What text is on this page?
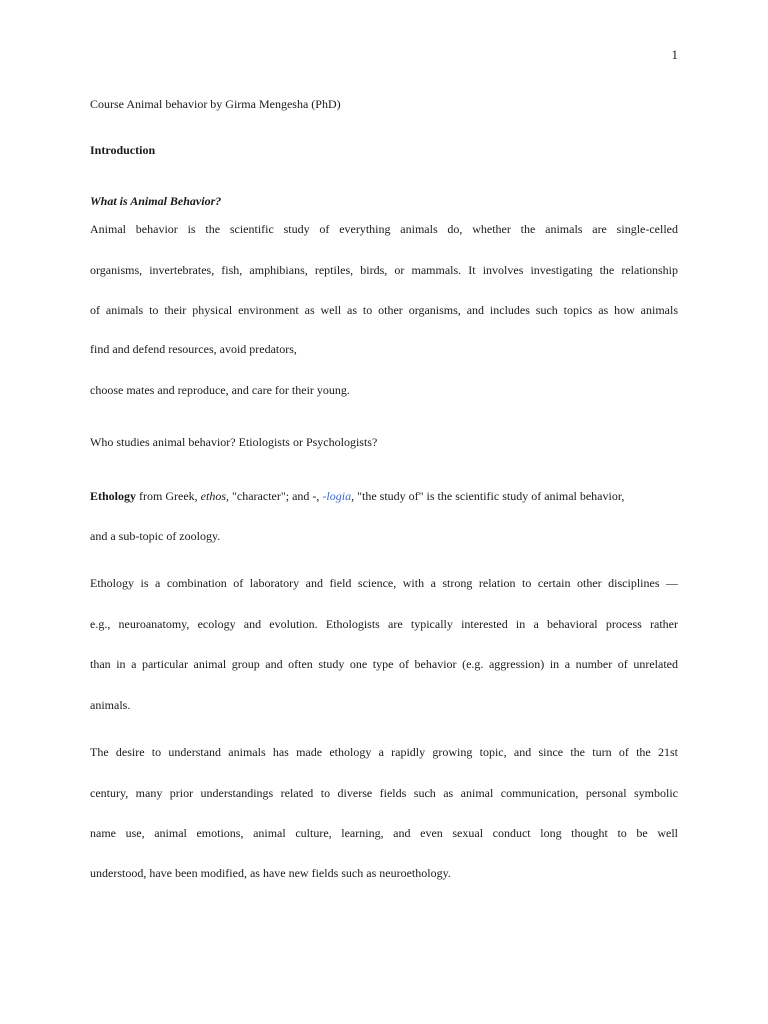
1
Course Animal behavior by Girma Mengesha (PhD)
Introduction
What is Animal Behavior?
Animal behavior is the scientific study of everything animals do, whether the animals are single-celled
organisms, invertebrates, fish, amphibians, reptiles, birds, or mammals. It involves investigating the relationship
of animals to their physical environment as well as to other organisms, and includes such topics as how animals
find and defend resources, avoid predators,
choose mates and reproduce, and care for their young.
Who studies animal behavior? Etiologists or Psychologists?
Ethology from Greek, ethos, "character"; and -, -logia, "the study of" is the scientific study of animal behavior,
and a sub-topic of zoology.
Ethology is a combination of laboratory and field science, with a strong relation to certain other disciplines —
e.g., neuroanatomy, ecology and evolution. Ethologists are typically interested in a behavioral process rather
than in a particular animal group and often study one type of behavior (e.g. aggression) in a number of unrelated
animals.
The desire to understand animals has made ethology a rapidly growing topic, and since the turn of the 21st
century, many prior understandings related to diverse fields such as animal communication, personal symbolic
name use, animal emotions, animal culture, learning, and even sexual conduct long thought to be well
understood, have been modified, as have new fields such as neuroethology.
